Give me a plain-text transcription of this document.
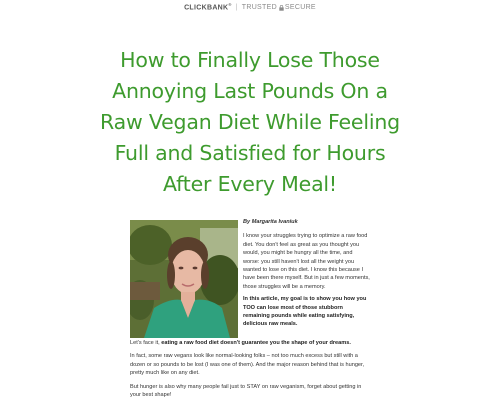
CLICKBANK® | TRUSTED SECURE
How to Finally Lose Those
Annoying Last Pounds On a
Raw Vegan Diet While Feeling
Full and Satisfied for Hours
After Every Meal!

By Margarita Ivaniuk

I know your struggles trying to optimize a raw food diet. You don't feel as great as you thought you would, you might be hungry all the time, and worse: you still haven't lost all the weight you wanted to lose on this diet. I know this because I have been there myself. But in just a few moments, those struggles will be a memory.

In this article, my goal is to show you how you TOO can lose most of those stubborn remaining pounds while eating satisfying, delicious raw meals.

Let's face it, eating a raw food diet doesn't guarantee you the shape of your dreams.

In fact, some raw vegans look like normal-looking folks – not too much excess but still with a dozen or so pounds to be lost (I was one of them). And the major reason behind that is hunger, pretty much like on any diet.

But hunger is also why many people fail just to STAY on raw veganism, forget about getting in your best shape!
